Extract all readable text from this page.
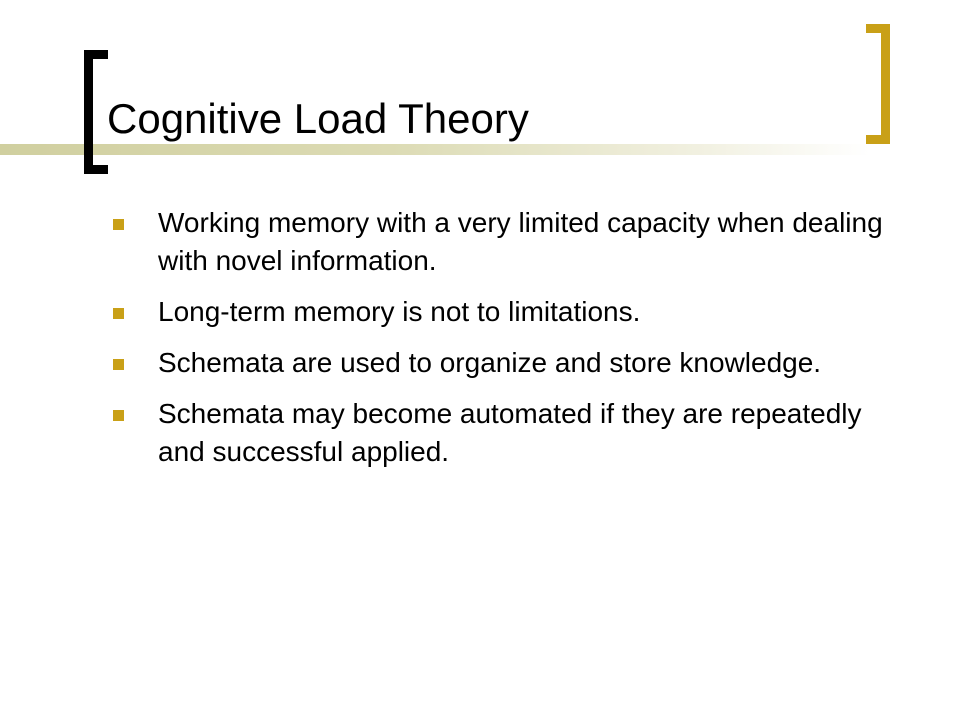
Cognitive Load Theory
Working memory with a very limited capacity when dealing with novel information.
Long-term memory is not to limitations.
Schemata are used to organize and store knowledge.
Schemata may become automated if they are repeatedly and successful applied.
